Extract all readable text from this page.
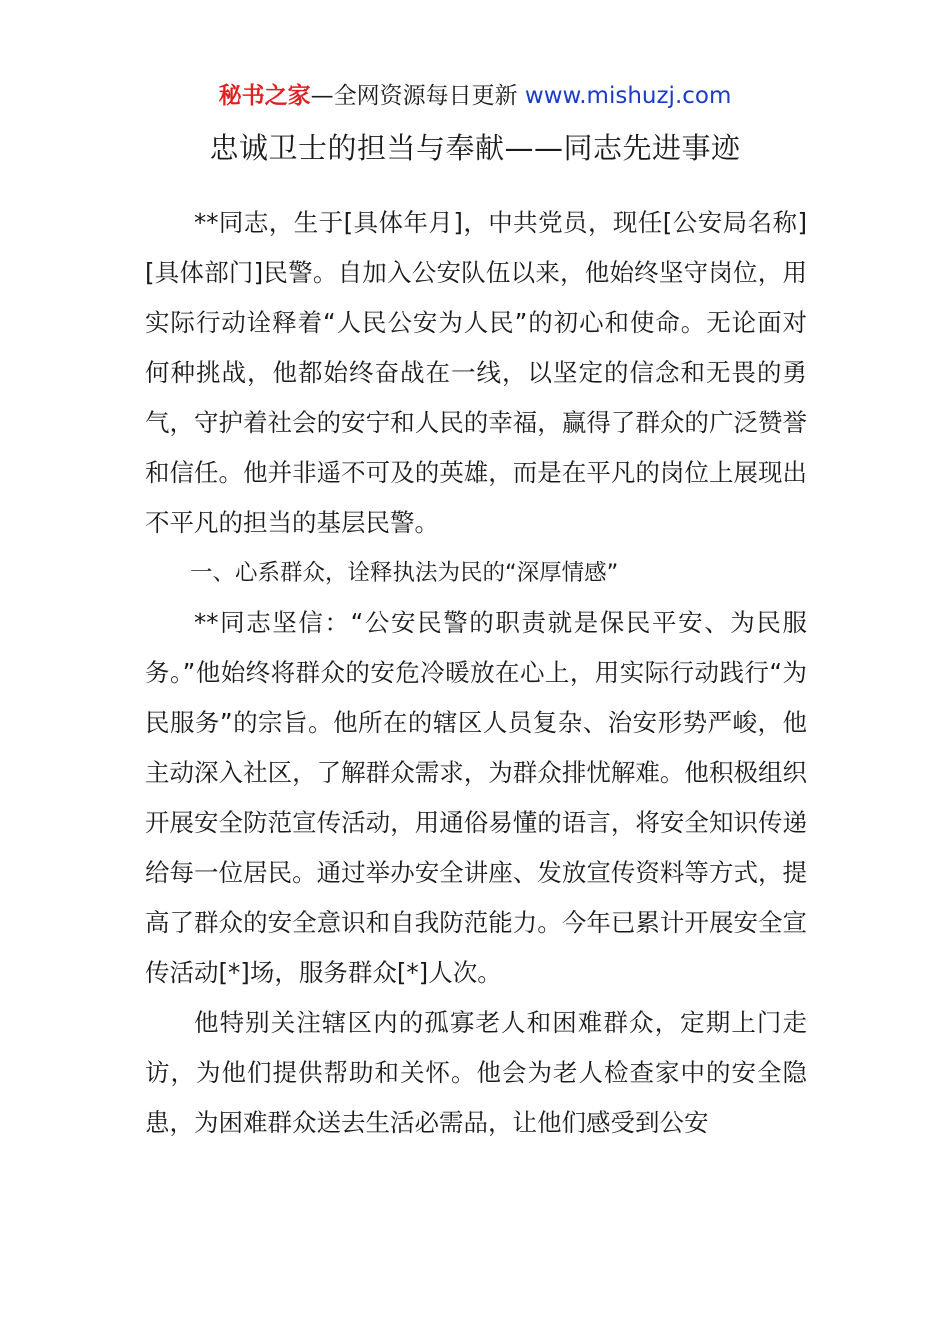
秘书之家—全网资源每日更新 www.mishuzj.com
忠诚卫士的担当与奉献——同志先进事迹

**同志，生于[具体年月]，中共党员，现任[公安局名称][具体部门]民警。自加入公安队伍以来，他始终坚守岗位，用实际行动诠释着“人民公安为人民”的初心和使命。无论面对何种挑战，他都始终奋战在一线，以坚定的信念和无畏的勇气，守护着社会的安宁和人民的幸福，赢得了群众的广泛赞誉和信任。他并非遥不可及的英雄，而是在平凡的岗位上展现出不平凡的担当的基层民警。

一、心系群众，诠释执法为民的“深厚情感”

**同志坚信：“公安民警的职责就是保民平安、为民服务。”他始终将群众的安危冷暖放在心上，用实际行动践行“为民服务”的宗旨。他所在的辖区人员复杂、治安形势严峻，他主动深入社区，了解群众需求，为群众排忧解难。他积极组织开展安全防范宣传活动，用通俗易懂的语言，将安全知识传递给每一位居民。通过举办安全讲座、发放宣传资料等方式，提高了群众的安全意识和自我防范能力。今年已累计开展安全宣传活动[*]场，服务群众[*]人次。

他特别关注辖区内的孤寡老人和困难群众，定期上门走访，为他们提供帮助和关怀。他会为老人检查家中的安全隐患，为困难群众送去生活必需品，让他们感受到公安
